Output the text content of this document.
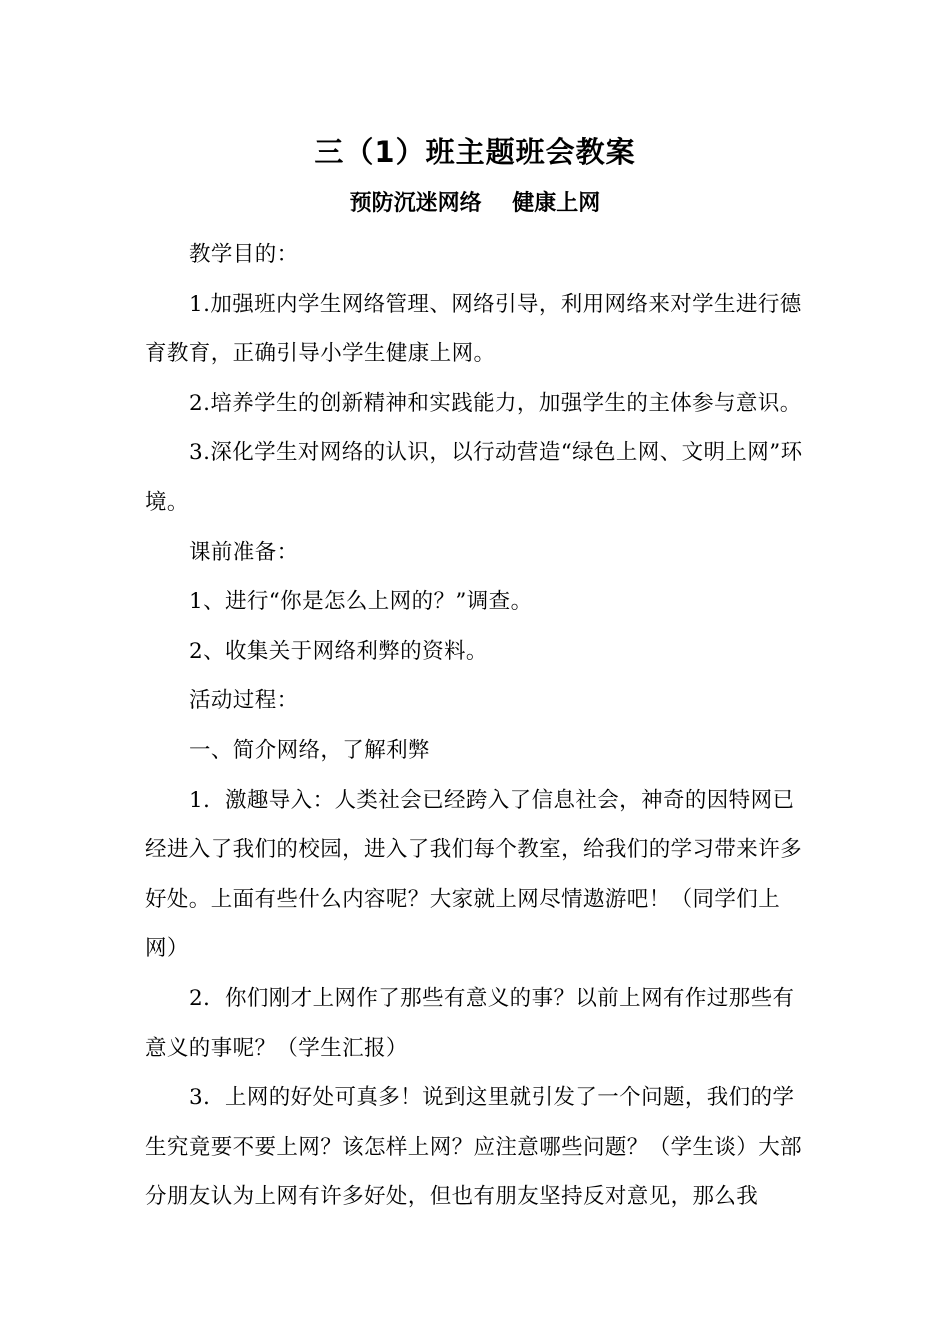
三（1）班主题班会教案
预防沉迷网络    健康上网

教学目的：

1.加强班内学生网络管理、网络引导，利用网络来对学生进行德育教育，正确引导小学生健康上网。

2.培养学生的创新精神和实践能力，加强学生的主体参与意识。

3.深化学生对网络的认识，以行动营造“绿色上网、文明上网”环境。

课前准备：

1、进行“你是怎么上网的？”调查。

2、收集关于网络利弊的资料。

活动过程：

一、简介网络，了解利弊

1．激趣导入：人类社会已经跨入了信息社会，神奇的因特网已经进入了我们的校园，进入了我们每个教室，给我们的学习带来许多好处。上面有些什么内容呢？大家就上网尽情遨游吧！（同学们上网）

2．你们刚才上网作了那些有意义的事？以前上网有作过那些有意义的事呢？（学生汇报）

3．上网的好处可真多！说到这里就引发了一个问题，我们的学生究竟要不要上网？该怎样上网？应注意哪些问题？（学生谈）大部分朋友认为上网有许多好处，但也有朋友坚持反对意见，那么我
